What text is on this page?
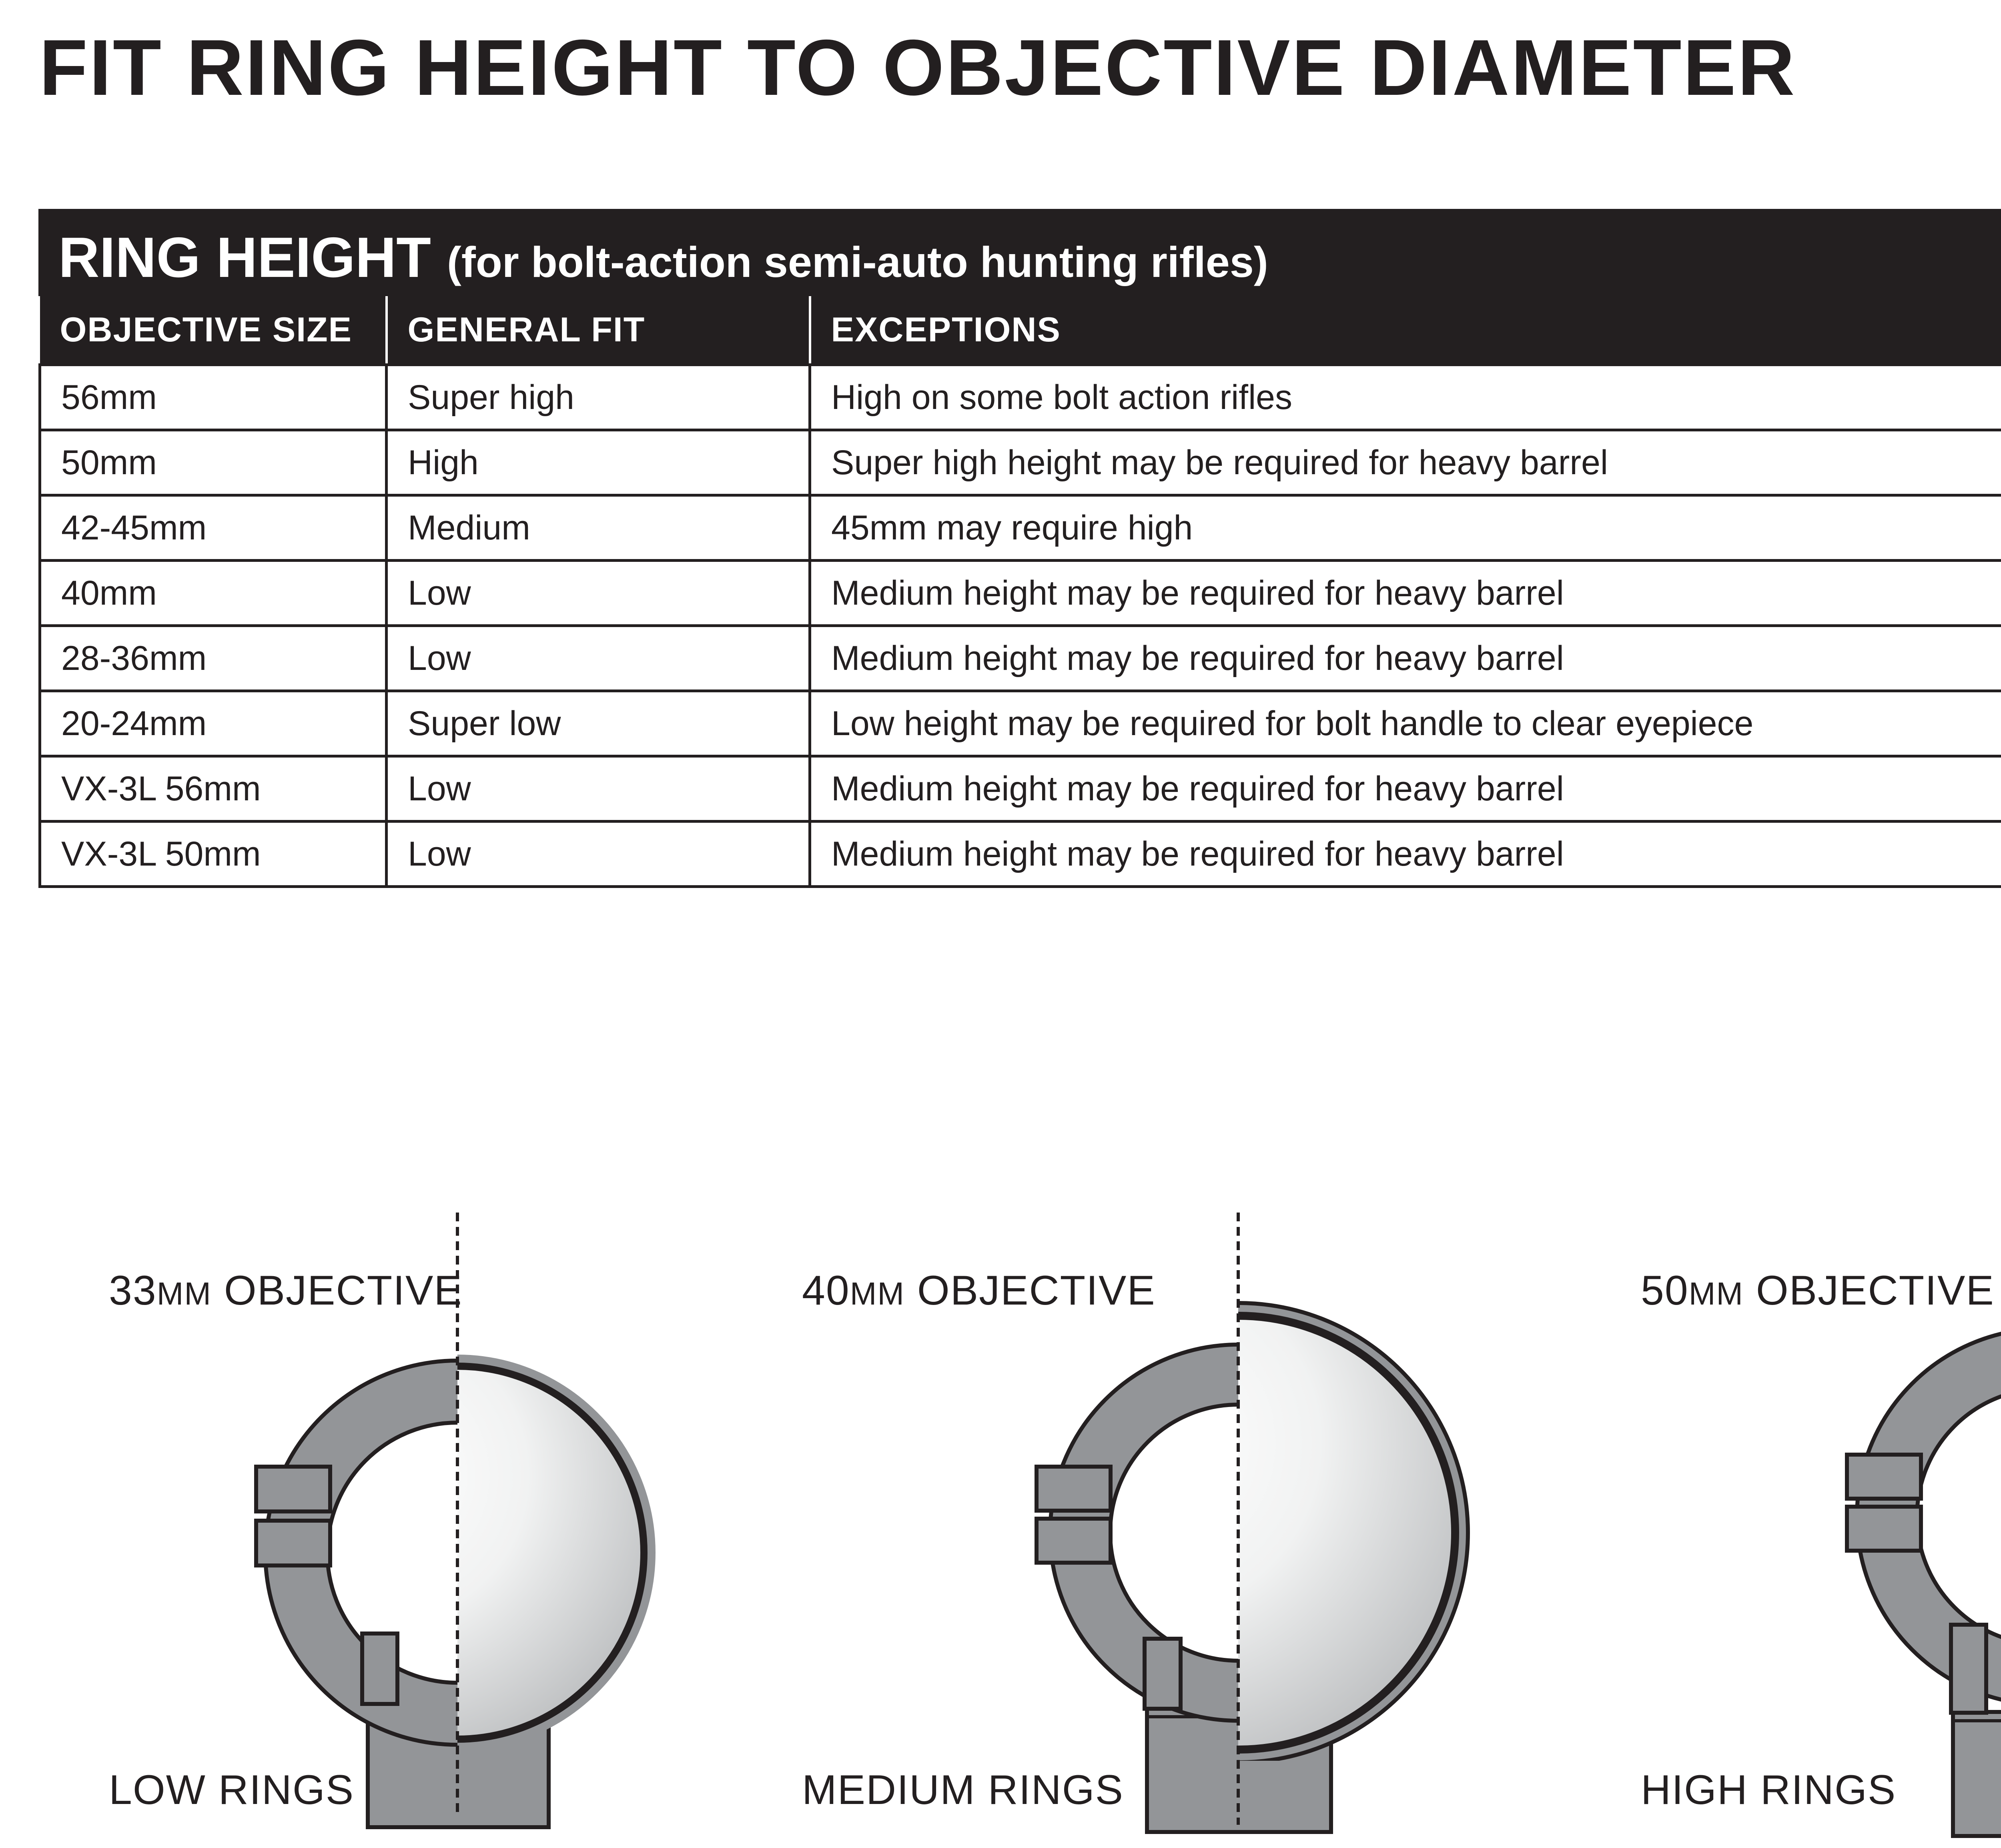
FIT RING HEIGHT TO OBJECTIVE DIAMETER
RING HEIGHT (for bolt-action semi-auto hunting rifles)
OBJECTIVE SIZE	GENERAL FIT	EXCEPTIONS
56mm	Super high	High on some bolt action rifles
50mm	High	Super high height may be required for heavy barrel
42-45mm	Medium	45mm may require high
40mm	Low	Medium height may be required for heavy barrel
28-36mm	Low	Medium height may be required for heavy barrel
20-24mm	Super low	Low height may be required for bolt handle to clear eyepiece
VX-3L 56mm	Low	Medium height may be required for heavy barrel
VX-3L 50mm	Low	Medium height may be required for heavy barrel
33MM OBJECTIVE
LOW RINGS
40MM OBJECTIVE
MEDIUM RINGS
50MM OBJECTIVE
HIGH RINGS
